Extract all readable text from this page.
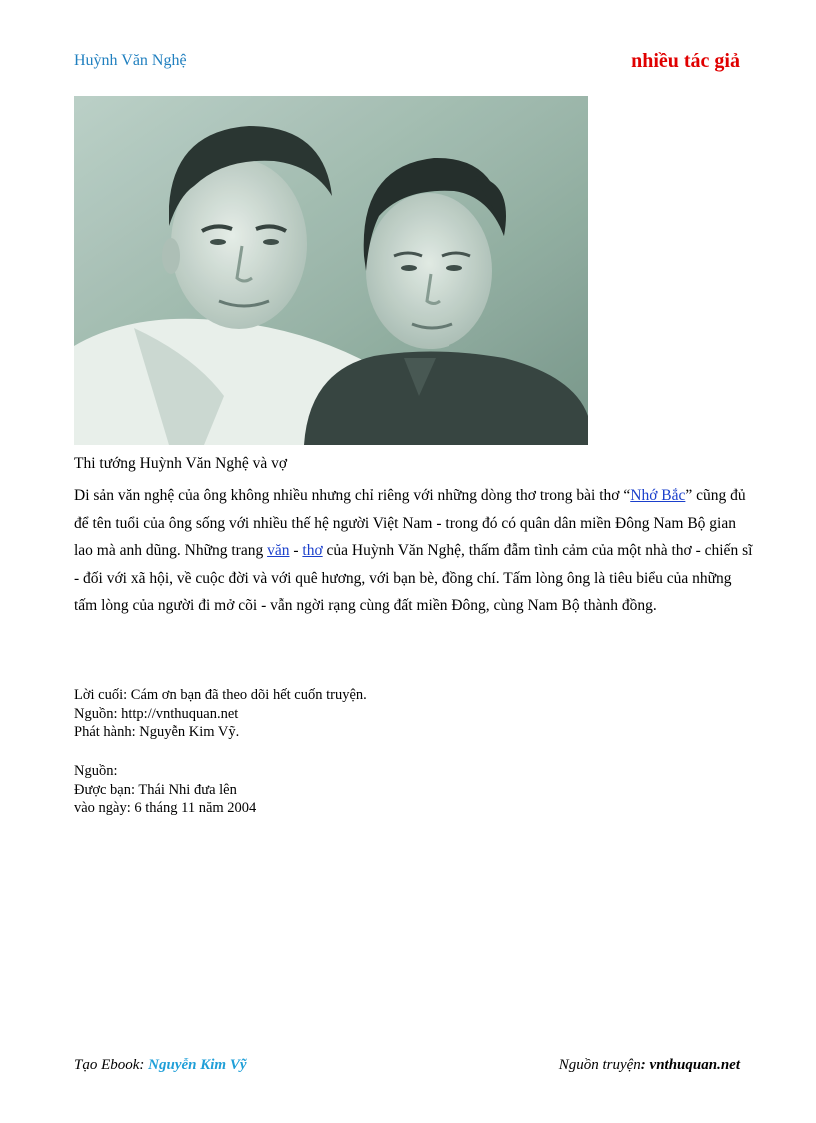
Huỳnh Văn Nghệ	nhiều tác giả
Thi tướng Huỳnh Văn Nghệ và vợ
Di sản văn nghệ của ông không nhiều nhưng chỉ riêng với những dòng thơ trong bài thơ “Nhớ Bắc” cũng đủ để tên tuổi của ông sống với nhiều thế hệ người Việt Nam - trong đó có quân dân miền Đông Nam Bộ gian lao mà anh dũng. Những trang văn - thơ của Huỳnh Văn Nghệ, thấm đẫm tình cảm của một nhà thơ - chiến sĩ - đối với xã hội, về cuộc đời và với quê hương, với bạn bè, đồng chí. Tấm lòng ông là tiêu biểu của những tấm lòng của người đi mở cõi - vẫn ngời rạng cùng đất miền Đông, cùng Nam Bộ thành đồng.
Lời cuối: Cám ơn bạn đã theo dõi hết cuốn truyện.
Nguồn: http://vnthuquan.net
Phát hành: Nguyễn Kim Vỹ.
Nguồn:
Được bạn: Thái Nhi đưa lên
vào ngày: 6 tháng 11 năm 2004
Tạo Ebook: Nguyễn Kim Vỹ	Nguồn truyện: vnthuquan.net
